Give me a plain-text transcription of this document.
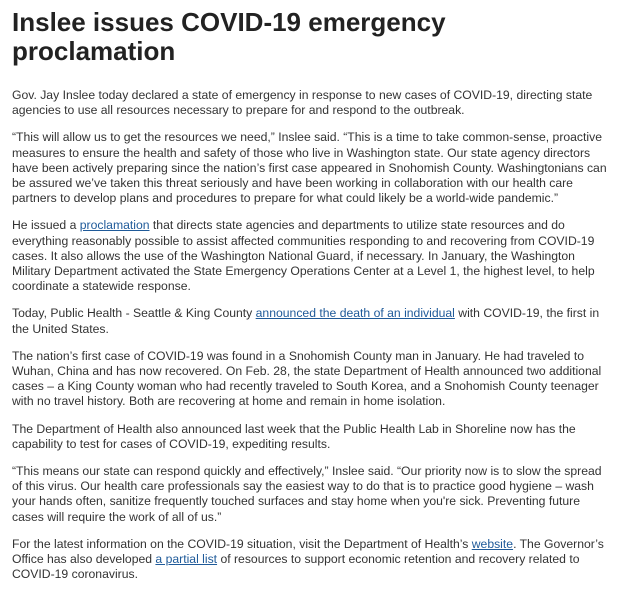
Inslee issues COVID-19 emergency proclamation

Gov. Jay Inslee today declared a state of emergency in response to new cases of COVID-19, directing state agencies to use all resources necessary to prepare for and respond to the outbreak.

“This will allow us to get the resources we need,” Inslee said. “This is a time to take common-sense, proactive measures to ensure the health and safety of those who live in Washington state. Our state agency directors have been actively preparing since the nation’s first case appeared in Snohomish County. Washingtonians can be assured we’ve taken this threat seriously and have been working in collaboration with our health care partners to develop plans and procedures to prepare for what could likely be a world-wide pandemic.”

He issued a proclamation that directs state agencies and departments to utilize state resources and do everything reasonably possible to assist affected communities responding to and recovering from COVID-19 cases. It also allows the use of the Washington National Guard, if necessary. In January, the Washington Military Department activated the State Emergency Operations Center at a Level 1, the highest level, to help coordinate a statewide response.

Today, Public Health - Seattle & King County announced the death of an individual with COVID-19, the first in the United States.

The nation’s first case of COVID-19 was found in a Snohomish County man in January. He had traveled to Wuhan, China and has now recovered. On Feb. 28, the state Department of Health announced two additional cases – a King County woman who had recently traveled to South Korea, and a Snohomish County teenager with no travel history. Both are recovering at home and remain in home isolation.

The Department of Health also announced last week that the Public Health Lab in Shoreline now has the capability to test for cases of COVID-19, expediting results.

“This means our state can respond quickly and effectively,” Inslee said. “Our priority now is to slow the spread of this virus. Our health care professionals say the easiest way to do that is to practice good hygiene – wash your hands often, sanitize frequently touched surfaces and stay home when you're sick. Preventing future cases will require the work of all of us.”

For the latest information on the COVID-19 situation, visit the Department of Health’s website. The Governor’s Office has also developed a partial list of resources to support economic retention and recovery related to COVID-19 coronavirus.
